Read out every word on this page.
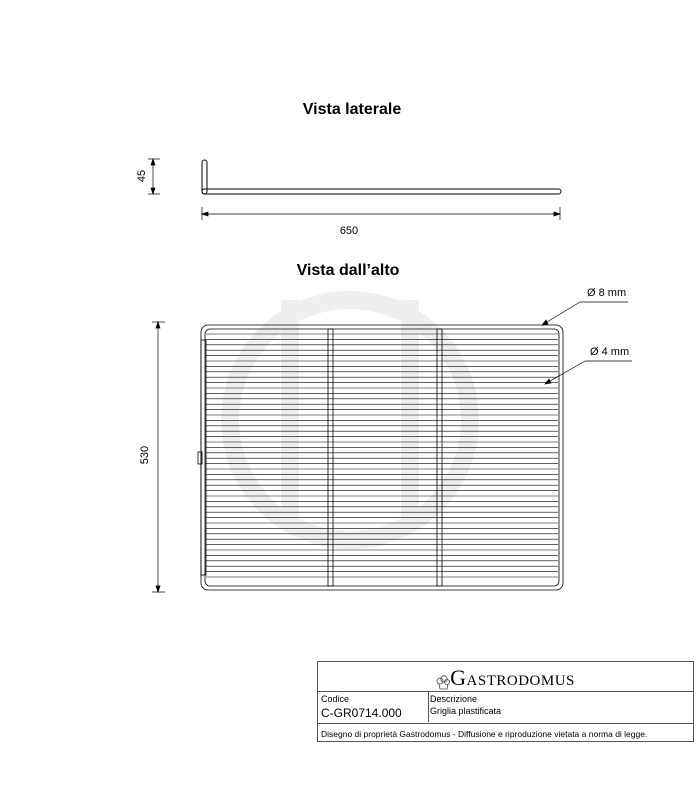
Vista laterale
Vista dall’alto
45
650
530
Ø 8 mm
Ø 4 mm
GASTRODOMUS
Codice
C-GR0714.000
Descrizione
Griglia plastificata
Disegno di proprietà Gastrodomus - Diffusione e riproduzione vietata a norma di legge.
